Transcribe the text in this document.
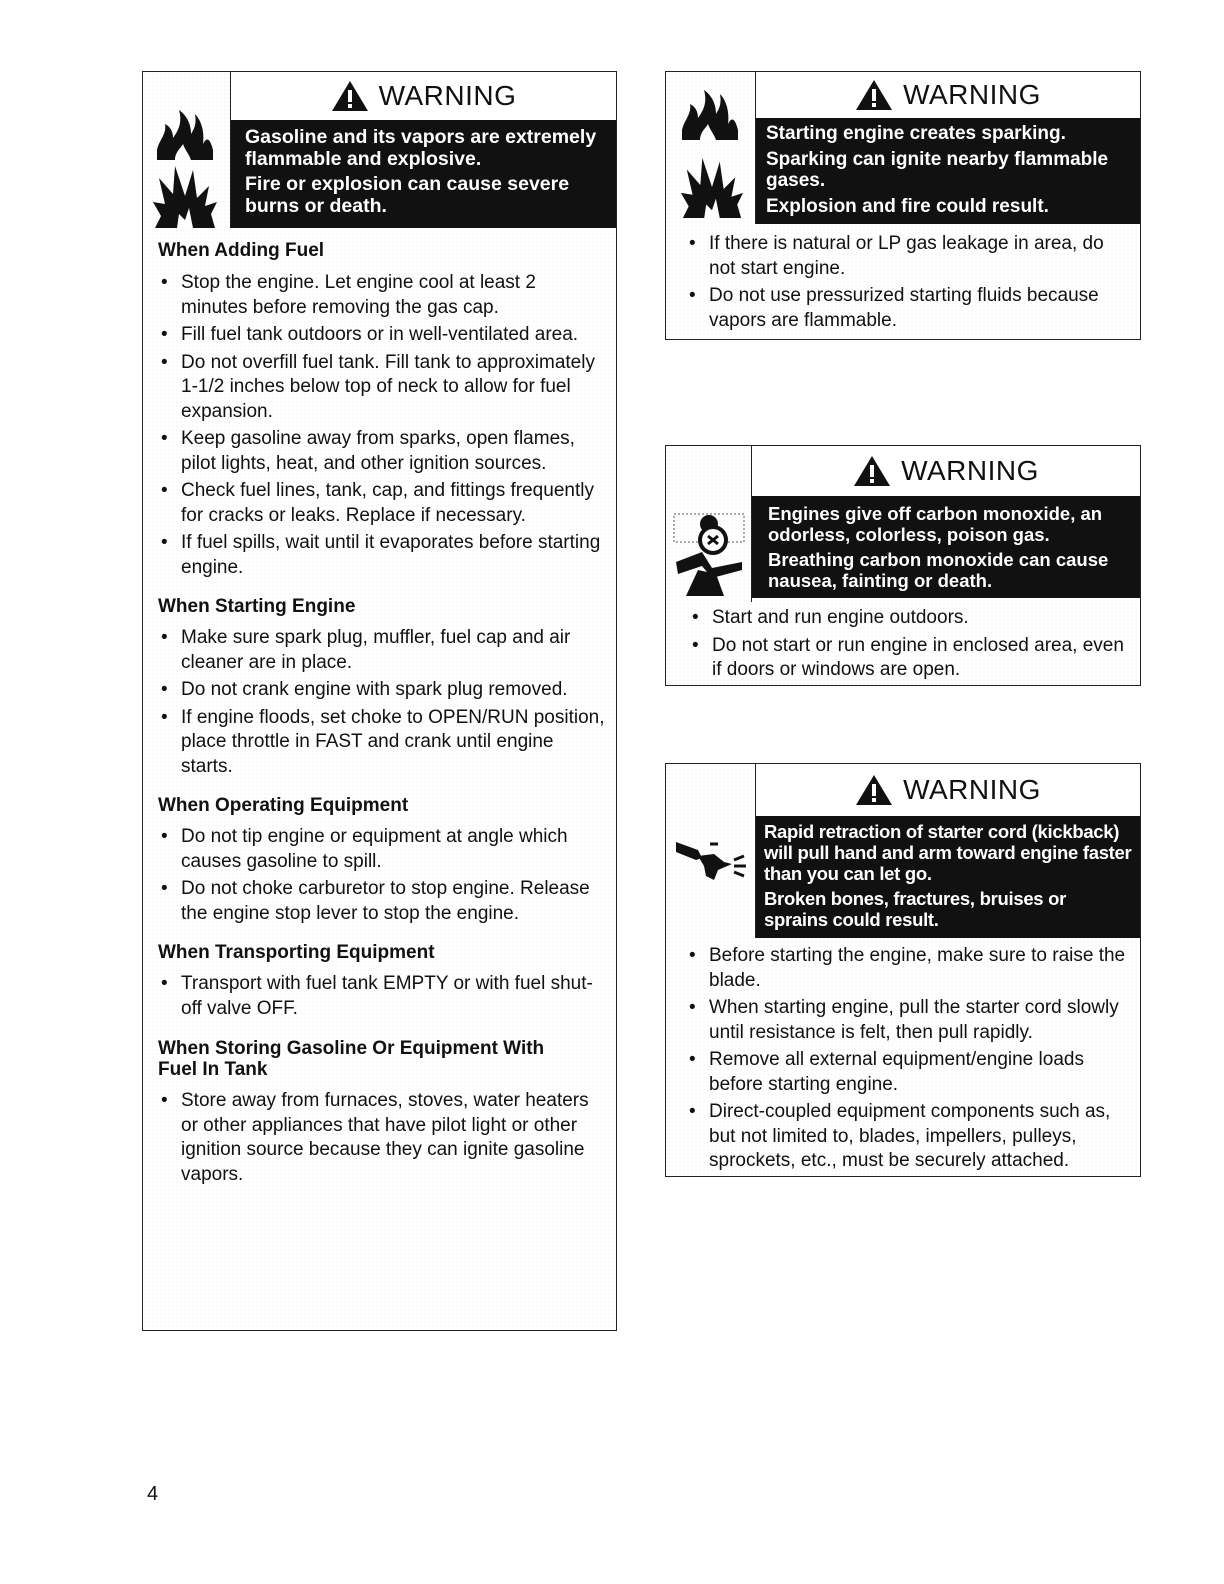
WARNING

Gasoline and its vapors are extremely flammable and explosive.

Fire or explosion can cause severe burns or death.

When Adding Fuel
• Stop the engine. Let engine cool at least 2 minutes before removing the gas cap.
• Fill fuel tank outdoors or in well-ventilated area.
• Do not overfill fuel tank. Fill tank to approximately 1-1/2 inches below top of neck to allow for fuel expansion.
• Keep gasoline away from sparks, open flames, pilot lights, heat, and other ignition sources.
• Check fuel lines, tank, cap, and fittings frequently for cracks or leaks. Replace if necessary.
• If fuel spills, wait until it evaporates before starting engine.
When Starting Engine
• Make sure spark plug, muffler, fuel cap and air cleaner are in place.
• Do not crank engine with spark plug removed.
• If engine floods, set choke to OPEN/RUN position, place throttle in FAST and crank until engine starts.
When Operating Equipment
• Do not tip engine or equipment at angle which causes gasoline to spill.
• Do not choke carburetor to stop engine. Release the engine stop lever to stop the engine.
When Transporting Equipment
• Transport with fuel tank EMPTY or with fuel shut-off valve OFF.
When Storing Gasoline Or Equipment With Fuel In Tank
• Store away from furnaces, stoves, water heaters or other appliances that have pilot light or other ignition source because they can ignite gasoline vapors.
WARNING

Starting engine creates sparking.

Sparking can ignite nearby flammable gases.

Explosion and fire could result.

• If there is natural or LP gas leakage in area, do not start engine.
• Do not use pressurized starting fluids because vapors are flammable.
WARNING

Engines give off carbon monoxide, an odorless, colorless, poison gas.

Breathing carbon monoxide can cause nausea, fainting or death.

• Start and run engine outdoors.
• Do not start or run engine in enclosed area, even if doors or windows are open.
WARNING

Rapid retraction of starter cord (kickback) will pull hand and arm toward engine faster than you can let go.

Broken bones, fractures, bruises or sprains could result.

• Before starting the engine, make sure to raise the blade.
• When starting engine, pull the starter cord slowly until resistance is felt, then pull rapidly.
• Remove all external equipment/engine loads before starting engine.
• Direct-coupled equipment components such as, but not limited to, blades, impellers, pulleys, sprockets, etc., must be securely attached.
4
